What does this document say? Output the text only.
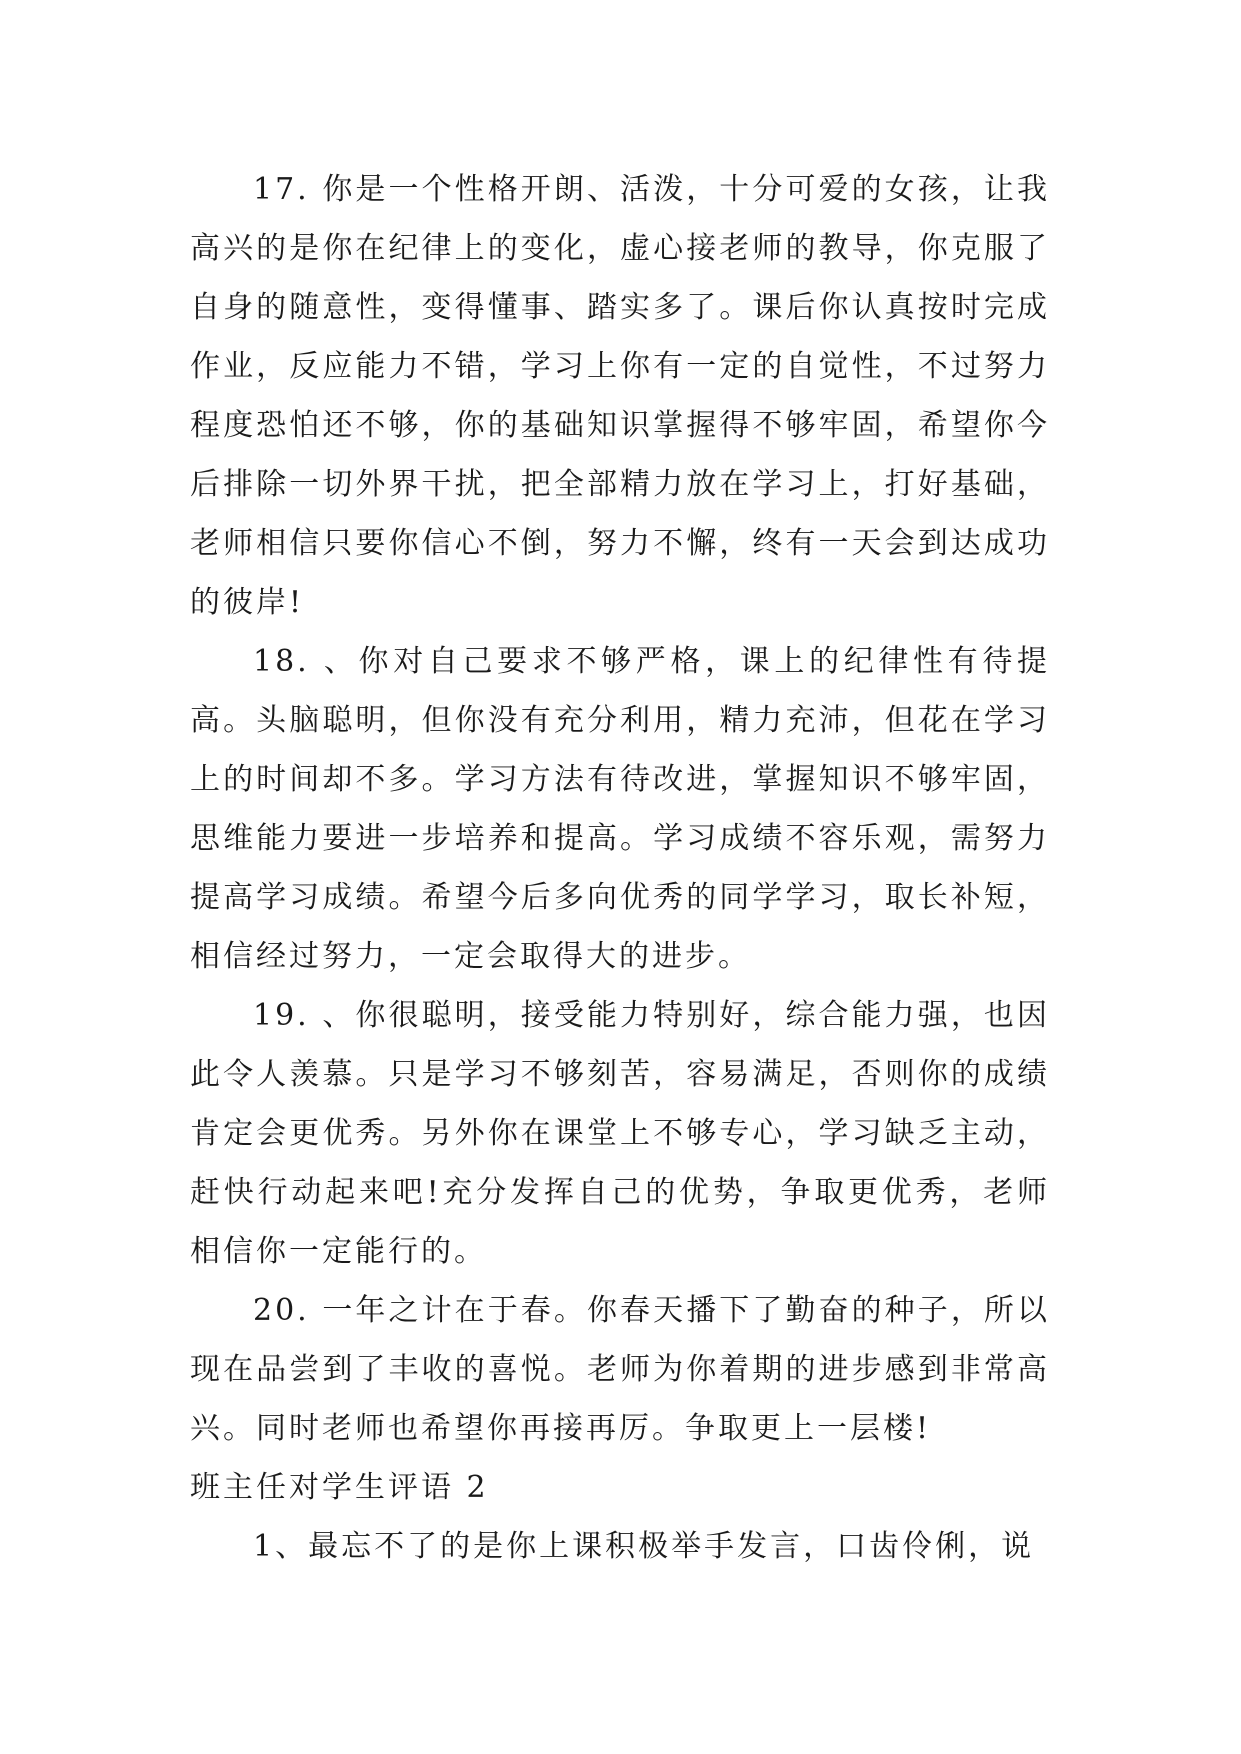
17. 你是一个性格开朗、活泼，十分可爱的女孩，让我高兴的是你在纪律上的变化，虚心接老师的教导，你克服了自身的随意性，变得懂事、踏实多了。课后你认真按时完成作业，反应能力不错，学习上你有一定的自觉性，不过努力程度恐怕还不够，你的基础知识掌握得不够牢固，希望你今后排除一切外界干扰，把全部精力放在学习上，打好基础，老师相信只要你信心不倒，努力不懈，终有一天会到达成功的彼岸!

18. 、你对自己要求不够严格，课上的纪律性有待提高。头脑聪明，但你没有充分利用，精力充沛，但花在学习上的时间却不多。学习方法有待改进，掌握知识不够牢固，思维能力要进一步培养和提高。学习成绩不容乐观，需努力提高学习成绩。希望今后多向优秀的同学学习，取长补短，相信经过努力，一定会取得大的进步。

19. 、你很聪明，接受能力特别好，综合能力强，也因此令人羡慕。只是学习不够刻苦，容易满足，否则你的成绩肯定会更优秀。另外你在课堂上不够专心，学习缺乏主动，赶快行动起来吧!充分发挥自己的优势，争取更优秀，老师相信你一定能行的。

20. 一年之计在于春。你春天播下了勤奋的种子，所以现在品尝到了丰收的喜悦。老师为你着期的进步感到非常高兴。同时老师也希望你再接再厉。争取更上一层楼!

班主任对学生评语 2

1、最忘不了的是你上课积极举手发言，口齿伶俐，说
